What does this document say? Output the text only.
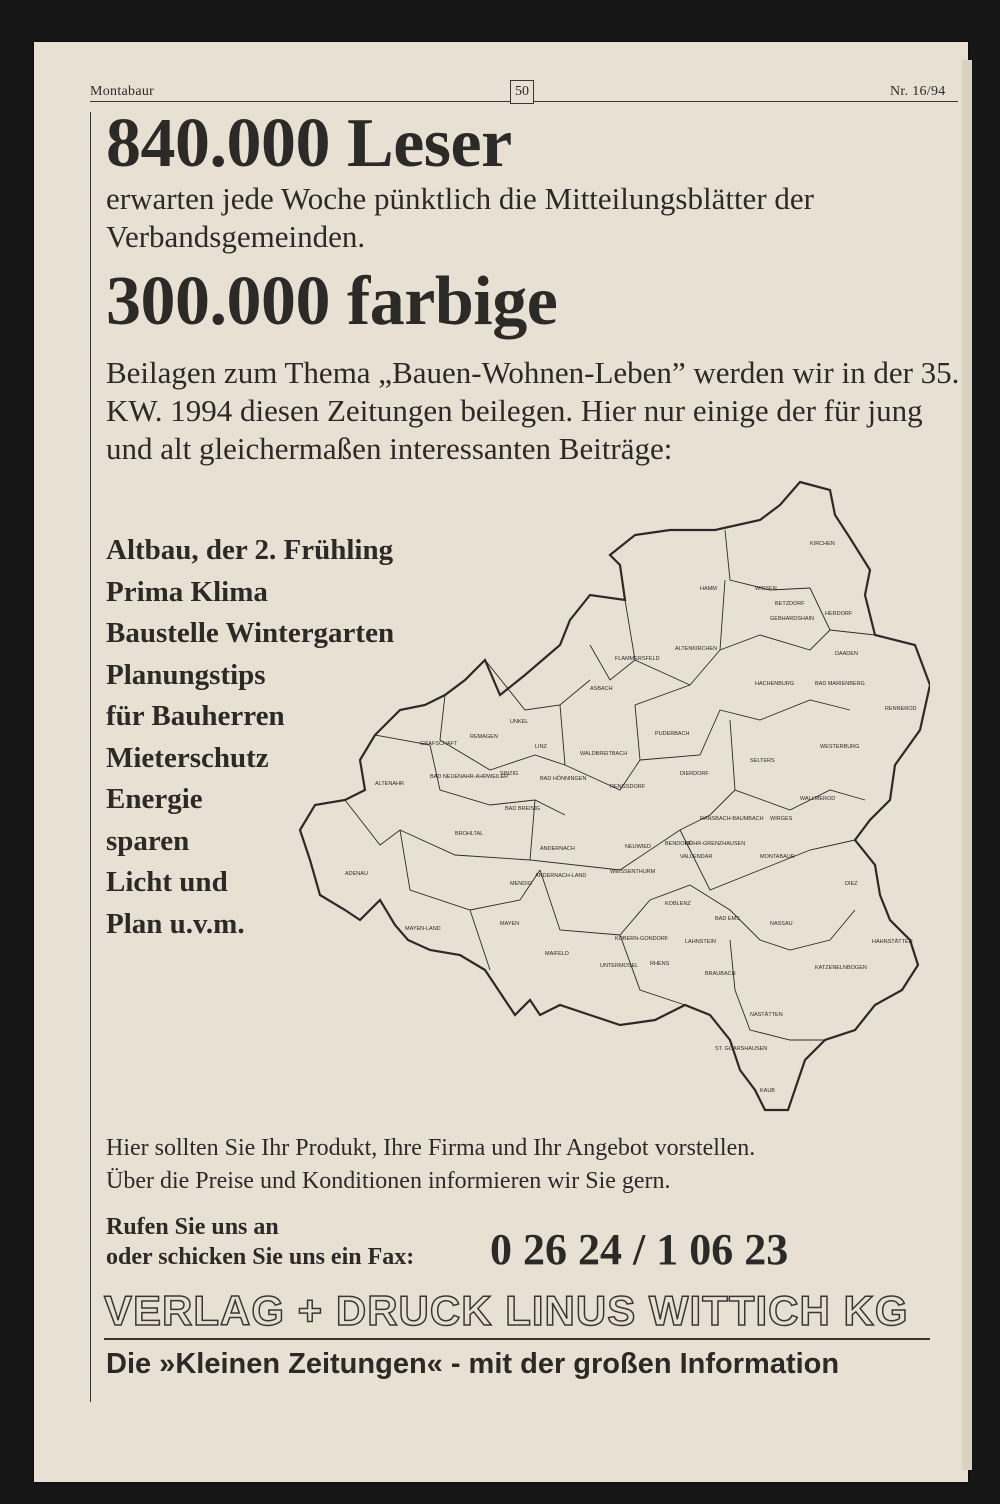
Montabaur	Nr. 16/94
50
840.000 Leser
erwarten jede Woche pünktlich die Mitteilungsblätter der Verbandsgemeinden.
300.000 farbige
Beilagen zum Thema „Bauen-Wohnen-Leben” werden wir in der 35. KW. 1994 diesen Zeitungen beilegen. Hier nur einige der für jung und alt gleichermaßen interessanten Beiträge:
Altbau, der 2. Frühling
Prima Klima
Baustelle Wintergarten
Planungstips
für Bauherren
Mieterschutz
Energie
sparen
Licht und
Plan u.v.m.
KIRCHEN
HAMM	WISSEN
BETZDORF
HERDORF
GEBHARDSHAIN
DAADEN
FLAMMERSFELD
ALTENKIRCHEN
ASBACH
HACHENBURG	BAD MARIENBERG
RENNEROD
UNKEL
PUDERBACH
LINZ
REMAGEN
GRAFSCHAFT
WALDBREITBACH
WESTERBURG
SELTERS
ALTENAHR
BAD NEUENAHR-AHRWEILER
SINZIG
BAD HÖNNINGEN
RENGSDORF
DIERDORF
WALLMEROD
BAD BREISIG
RANSBACH-BAUMBACH WIRGES
BROHLTAL
HÖHR-GRENZHAUSEN
ANDERNACH	NEUWIED	BENDORF
VALLENDAR	MONTABAUR
ADENAU
MENDIG
ANDERNACH-LAND
WEISSENTHURM
DIEZ
KOBLENZ
MAYEN-LAND
MAYEN
BAD EMS
NASSAU
HAHNSTÄTTEN
KOBERN-GONDORF	LAHNSTEIN
MAIFELD
UNTERMOSEL RHENS
BRAUBACH
KATZENELNBOGEN
NASTÄTTEN
ST. GOARSHAUSEN
KAUB
Hier sollten Sie Ihr Produkt, Ihre Firma und Ihr Angebot vorstellen.
Über die Preise und Konditionen informieren wir Sie gern.
Rufen Sie uns an
oder schicken Sie uns ein Fax: 0 26 24 / 1 06 23
VERLAG + DRUCK LINUS WITTICH KG
Die »Kleinen Zeitungen« - mit der großen Information
